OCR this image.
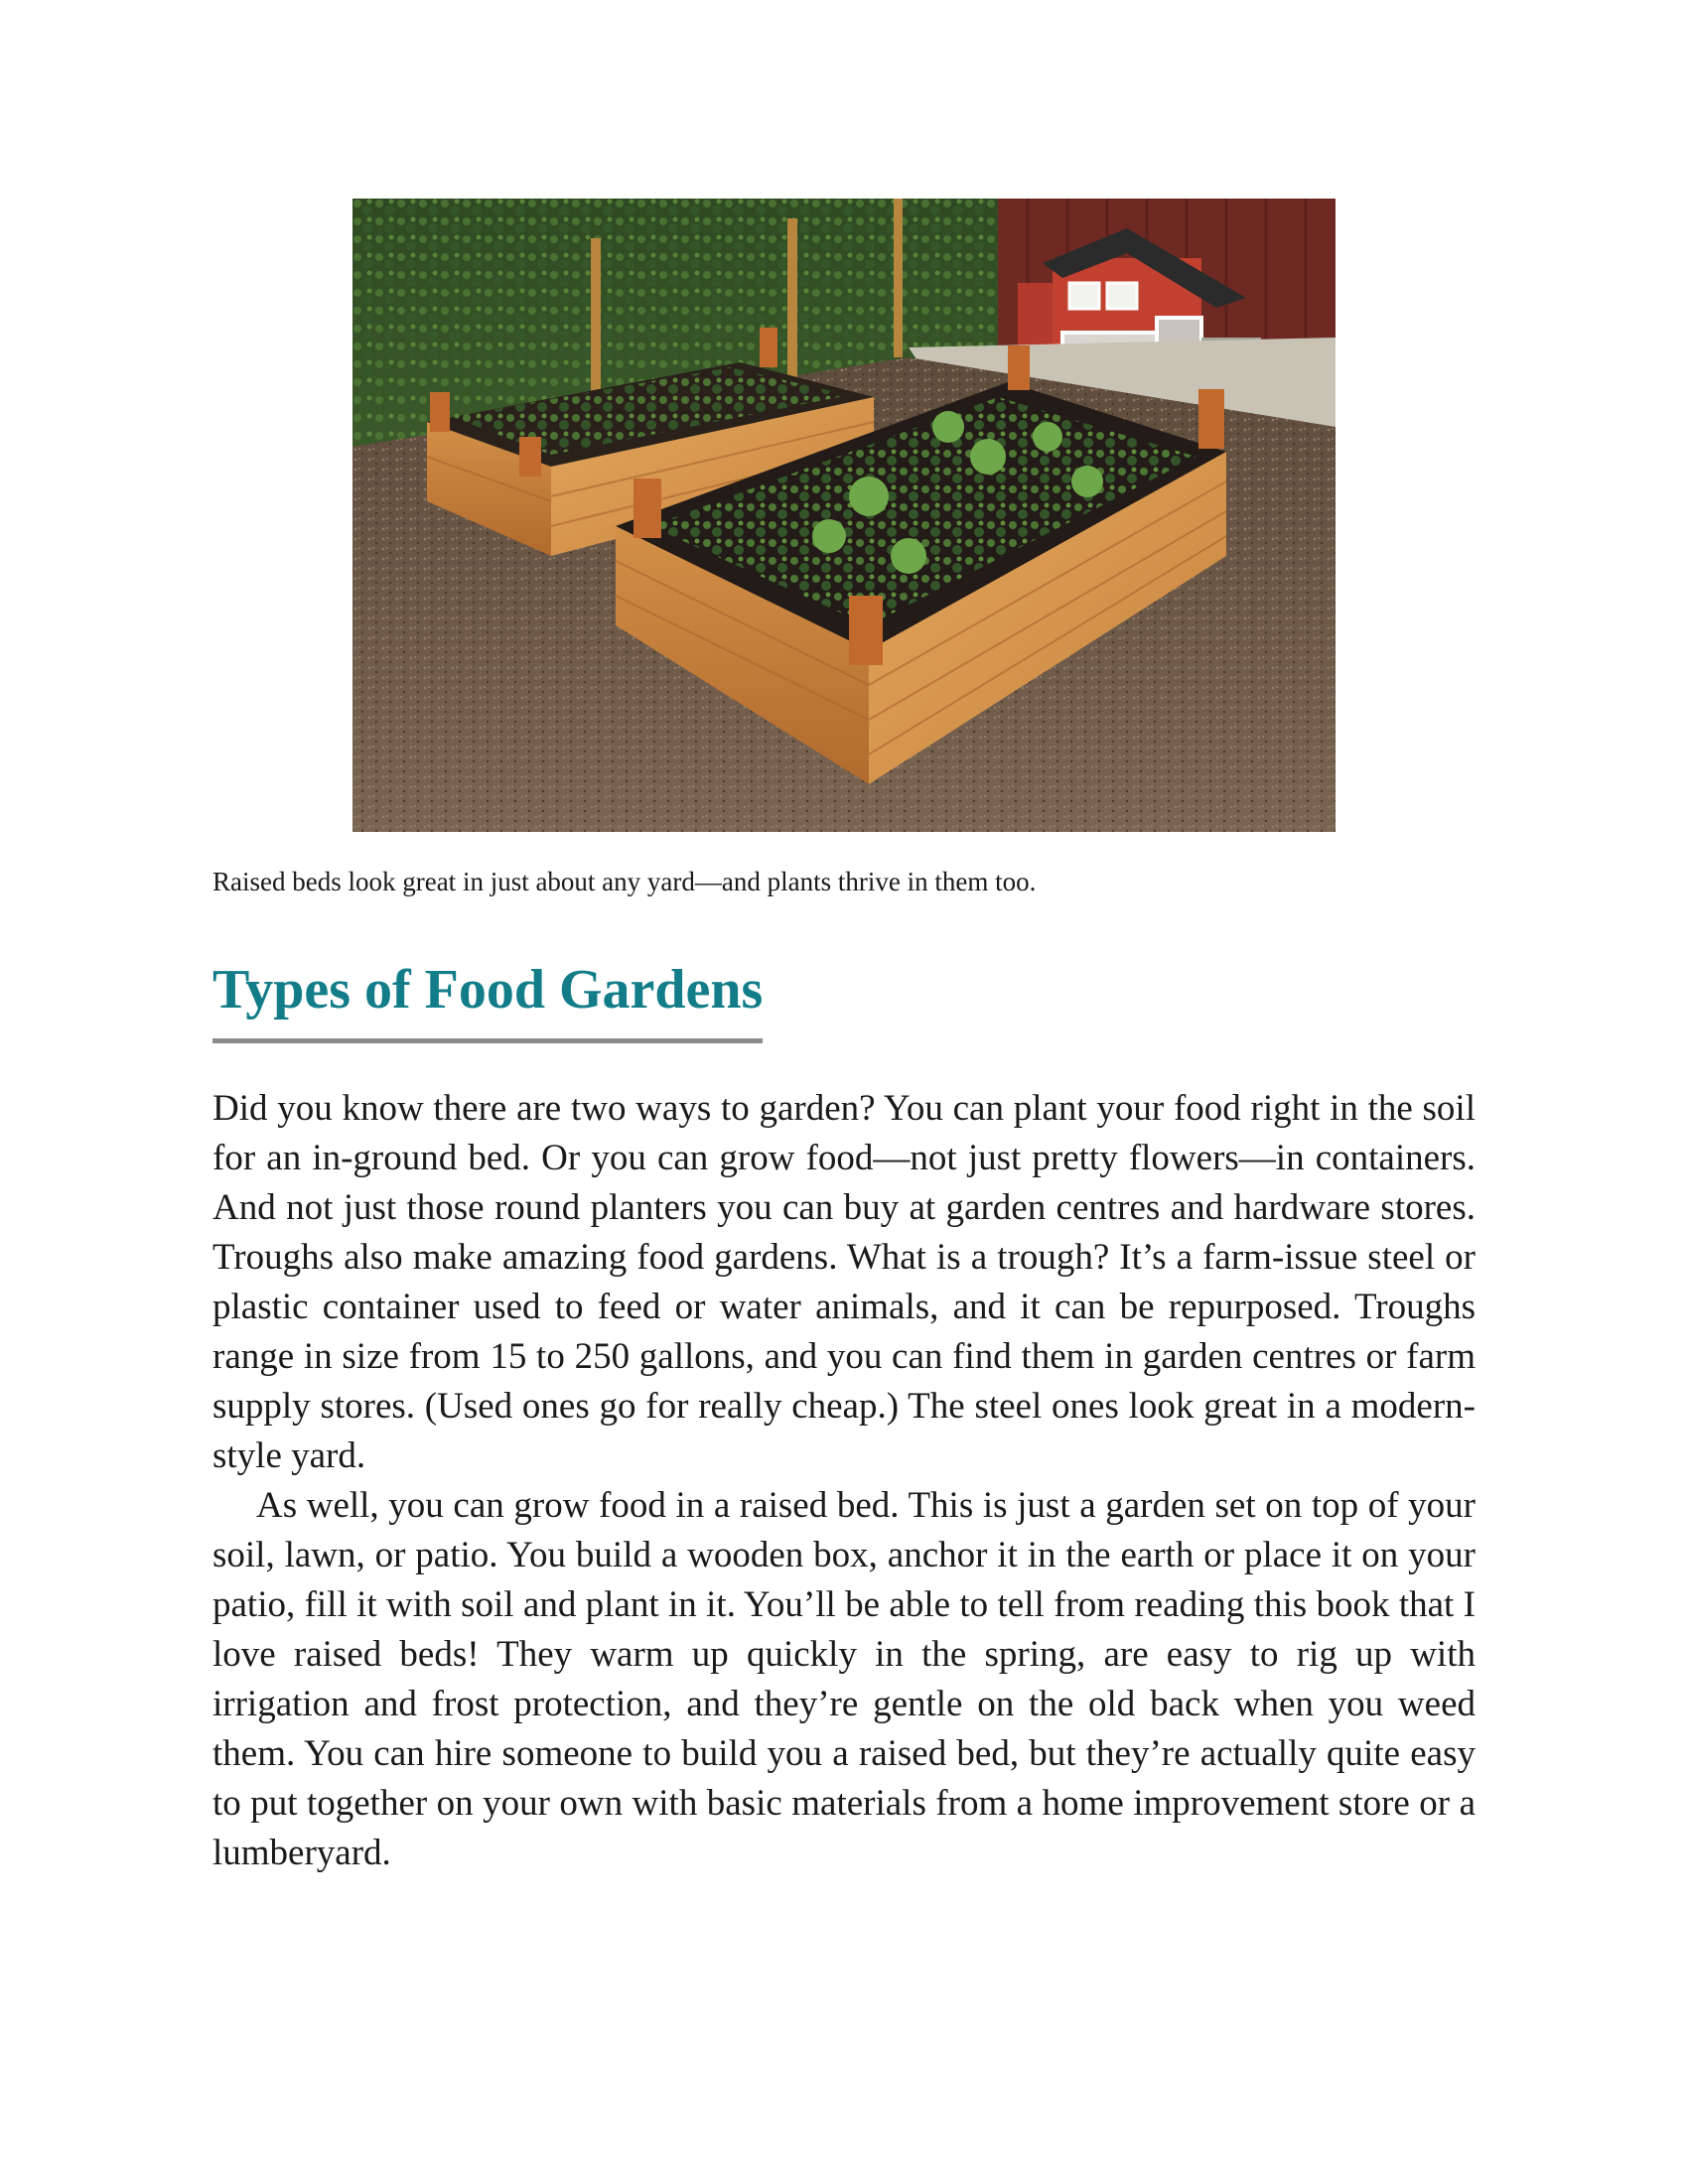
Raised beds look great in just about any yard—and plants thrive in them too.
Types of Food Gardens

Did you know there are two ways to garden? You can plant your food right in the soil for an in-ground bed. Or you can grow food—not just pretty flowers—in containers. And not just those round planters you can buy at garden centres and hardware stores. Troughs also make amazing food gardens. What is a trough? It’s a farm-issue steel or plastic container used to feed or water animals, and it can be repurposed. Troughs range in size from 15 to 250 gallons, and you can find them in garden centres or farm supply stores. (Used ones go for really cheap.) The steel ones look great in a modern-style yard.

As well, you can grow food in a raised bed. This is just a garden set on top of your soil, lawn, or patio. You build a wooden box, anchor it in the earth or place it on your patio, fill it with soil and plant in it. You’ll be able to tell from reading this book that I love raised beds! They warm up quickly in the spring, are easy to rig up with irrigation and frost protection, and they’re gentle on the old back when you weed them. You can hire someone to build you a raised bed, but they’re actually quite easy to put together on your own with basic materials from a home improvement store or a lumberyard.
